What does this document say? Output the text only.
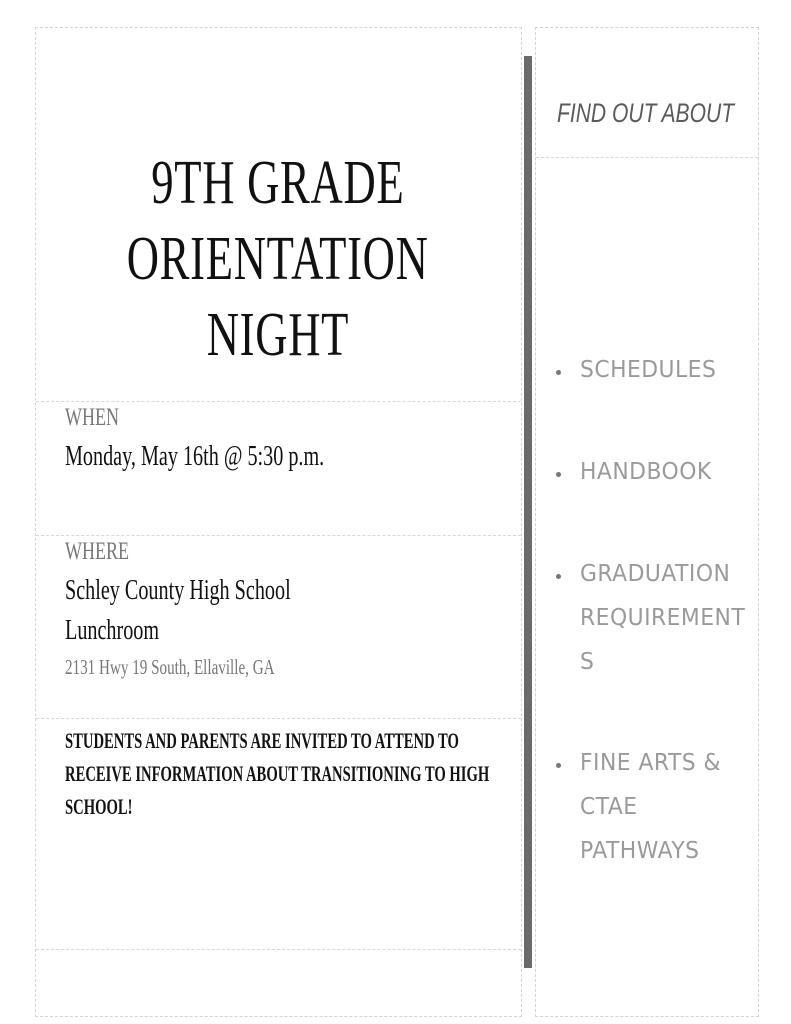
9TH GRADE
ORIENTATION
NIGHT
WHEN
Monday, May 16th @ 5:30 p.m.
WHERE
Schley County High School
Lunchroom
2131 Hwy 19 South, Ellaville, GA
STUDENTS AND PARENTS ARE INVITED TO ATTEND TO
RECEIVE INFORMATION ABOUT TRANSITIONING TO HIGH
SCHOOL!
FIND OUT ABOUT
SCHEDULES
HANDBOOK
GRADUATION
REQUIREMENT
S
FINE ARTS &
CTAE
PATHWAYS
